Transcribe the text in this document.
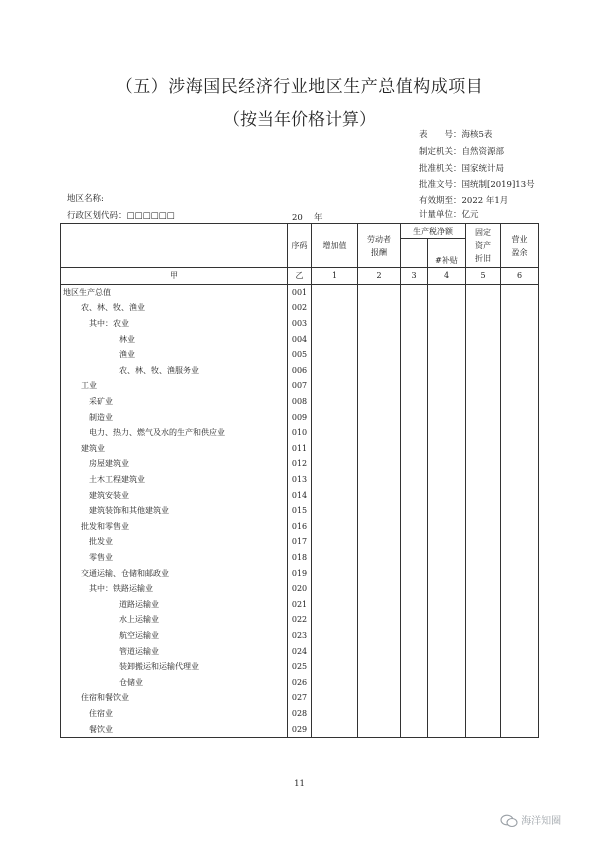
（五）涉海国民经济行业地区生产总值构成项目
（按当年价格计算）
表　　号：海核5表
制定机关：自然资源部
批准机关：国家统计局
批准文号：国统制[2019]13号
有效期至：2022 年1月
计量单位：亿元
地区名称:
行政区划代码：□□□□□□	20　 年
	序码	增加值	劳动者报酬	生产税净额		固定资产折旧	营业盈余
					#补贴		
甲	乙	1	2	3	4	5	6
地区生产总值	001						
农、林、牧、渔业	002						
其中：农业	003						
林业	004						
渔业	005						
农、林、牧、渔服务业	006						
工业	007						
采矿业	008						
制造业	009						
电力、热力、燃气及水的生产和供应业	010						
建筑业	011						
房屋建筑业	012						
土木工程建筑业	013						
建筑安装业	014						
建筑装饰和其他建筑业	015						
批发和零售业	016						
批发业	017						
零售业	018						
交通运输、仓储和邮政业	019						
其中：铁路运输业	020						
道路运输业	021						
水上运输业	022						
航空运输业	023						
管道运输业	024						
装卸搬运和运输代理业	025						
仓储业	026						
住宿和餐饮业	027						
住宿业	028						
餐饮业	029						
11
海洋知圈
